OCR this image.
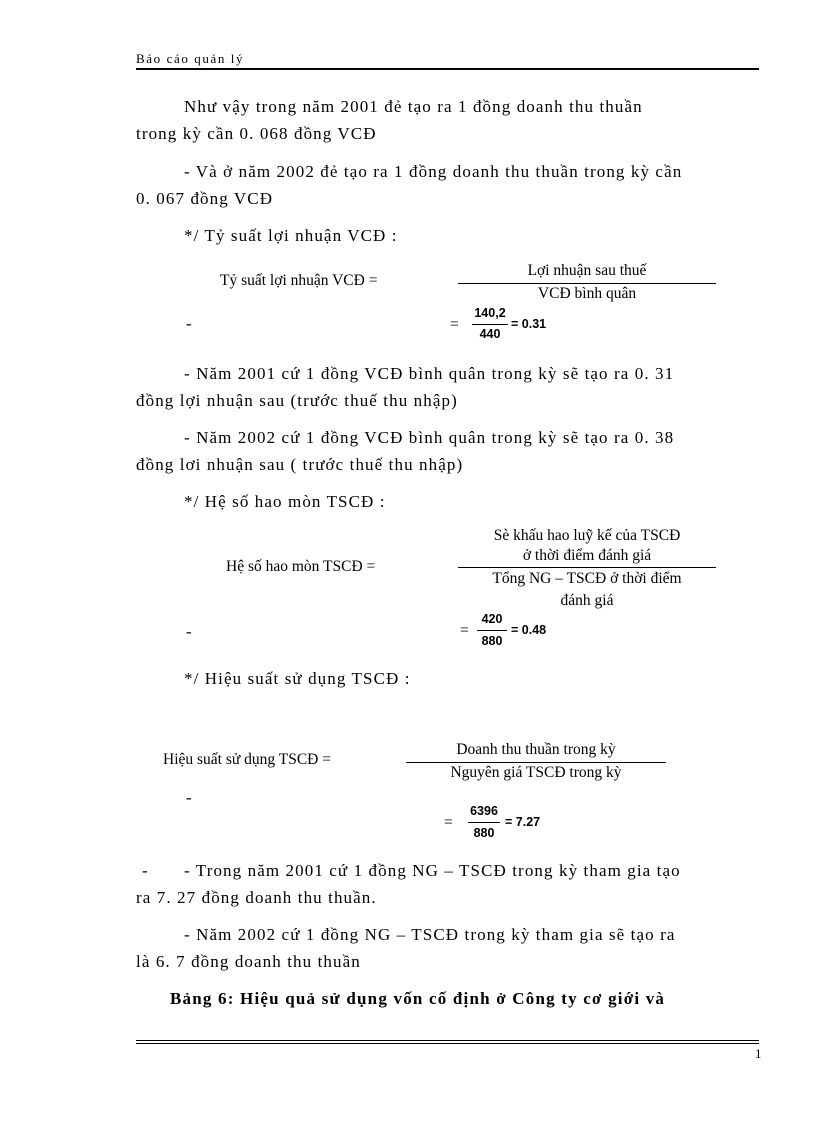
Báo cáo quản lý
Như vậy trong năm 2001 đẻ tạo ra 1 đồng doanh thu thuần
trong kỳ cần 0. 068 đồng VCĐ
- Và ở năm 2002 đẻ tạo ra 1 đồng doanh thu thuần trong kỳ cần
0. 067 đồng VCĐ
*/ Tỷ suất lợi nhuận VCĐ :
Tỷ suất lợi nhuận VCĐ =
Lợi nhuận sau thuế
VCĐ bình quân
-	=
140,2
440
= 0.31
- Năm 2001 cứ 1 đồng VCĐ bình quân trong kỳ sẽ tạo ra 0. 31
đồng lợi nhuận sau (trước thuế thu nhập)
- Năm 2002 cứ 1 đồng VCĐ bình quân trong kỳ sẽ tạo ra 0. 38
đồng lơi nhuận sau ( trước thuế thu nhập)
*/ Hệ số hao mòn TSCĐ :
Hệ số hao mòn TSCĐ =
Sè khấu hao luỹ kế của TSCĐ
ở thời điểm đánh giá
Tổng NG – TSCĐ ở thời điểm
đánh giá
-	=
420
880
= 0.48
*/ Hiệu suất sử dụng TSCĐ :
Hiệu suất sử dụng TSCĐ =
Doanh thu thuần trong kỳ
Nguyên giá TSCĐ trong kỳ
-
=
6396
880
= 7.27
- - Trong năm 2001 cứ 1 đồng NG – TSCĐ trong kỳ tham gia tạo
ra 7. 27 đồng doanh thu thuần.
- Năm 2002 cứ 1 đồng NG – TSCĐ trong kỳ tham gia sẽ tạo ra
là 6. 7 đồng doanh thu thuần
Bảng 6: Hiệu quả sử dụng vốn cố định ở Công ty cơ giới và
1
